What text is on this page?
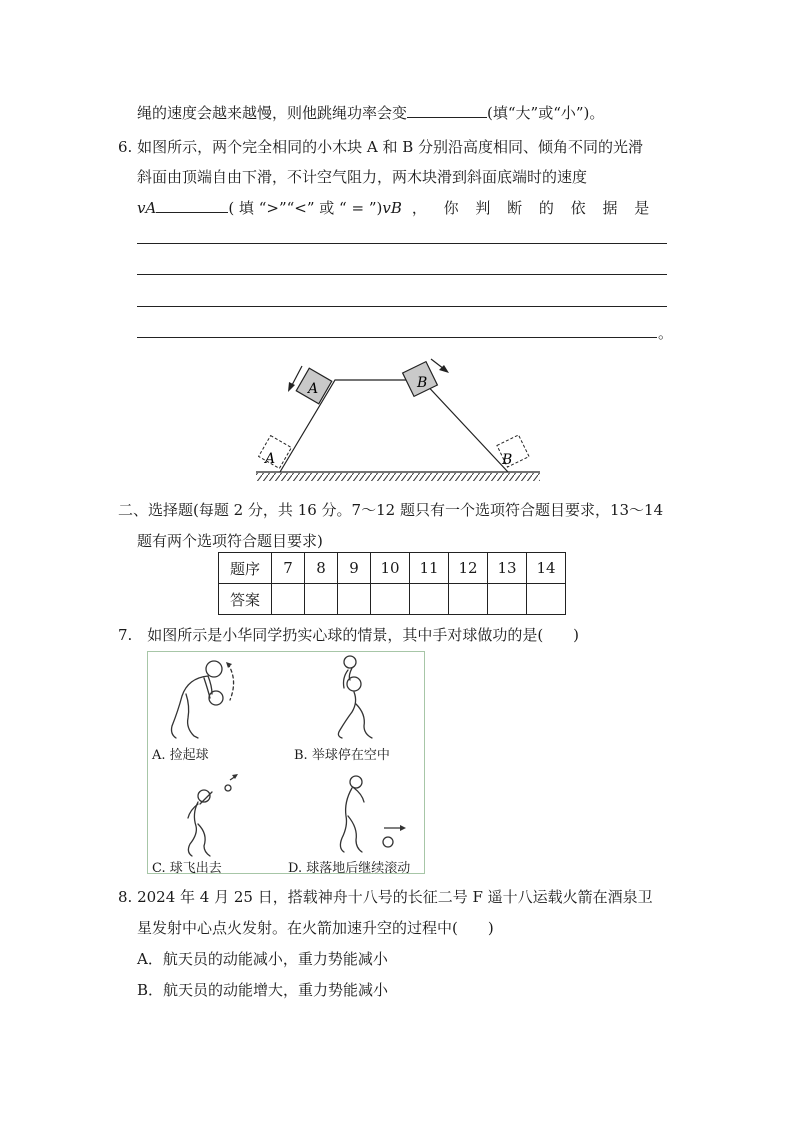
绳的速度会越来越慢，则他跳绳功率会变	(填“大”或“小”)。
6. 如图所示，两个完全相同的小木块 A 和 B 分别沿高度相同、倾角不同的光滑
斜面由顶端自由下滑，不计空气阻力，两木块滑到斜面底端时的速度
vA	( 填 “>”“<” 或 “ = ”)vB ， 你 判 断 的 依 据 是
。
A	B
A	B
二、选择题(每题 2 分，共 16 分。7～12 题只有一个选项符合题目要求，13～14
题有两个选项符合题目要求)
题序	7	8	9	10	11	12	13	14
答案								
7.　如图所示是小华同学扔实心球的情景，其中手对球做功的是(　　)
A. 捡起球	B. 举球停在空中
C. 球飞出去	D. 球落地后继续滚动
8. 2024 年 4 月 25 日，搭载神舟十八号的长征二号 F 遥十八运载火箭在酒泉卫
星发射中心点火发射。在火箭加速升空的过程中(　　)
A．航天员的动能减小，重力势能减小
B．航天员的动能增大，重力势能减小
